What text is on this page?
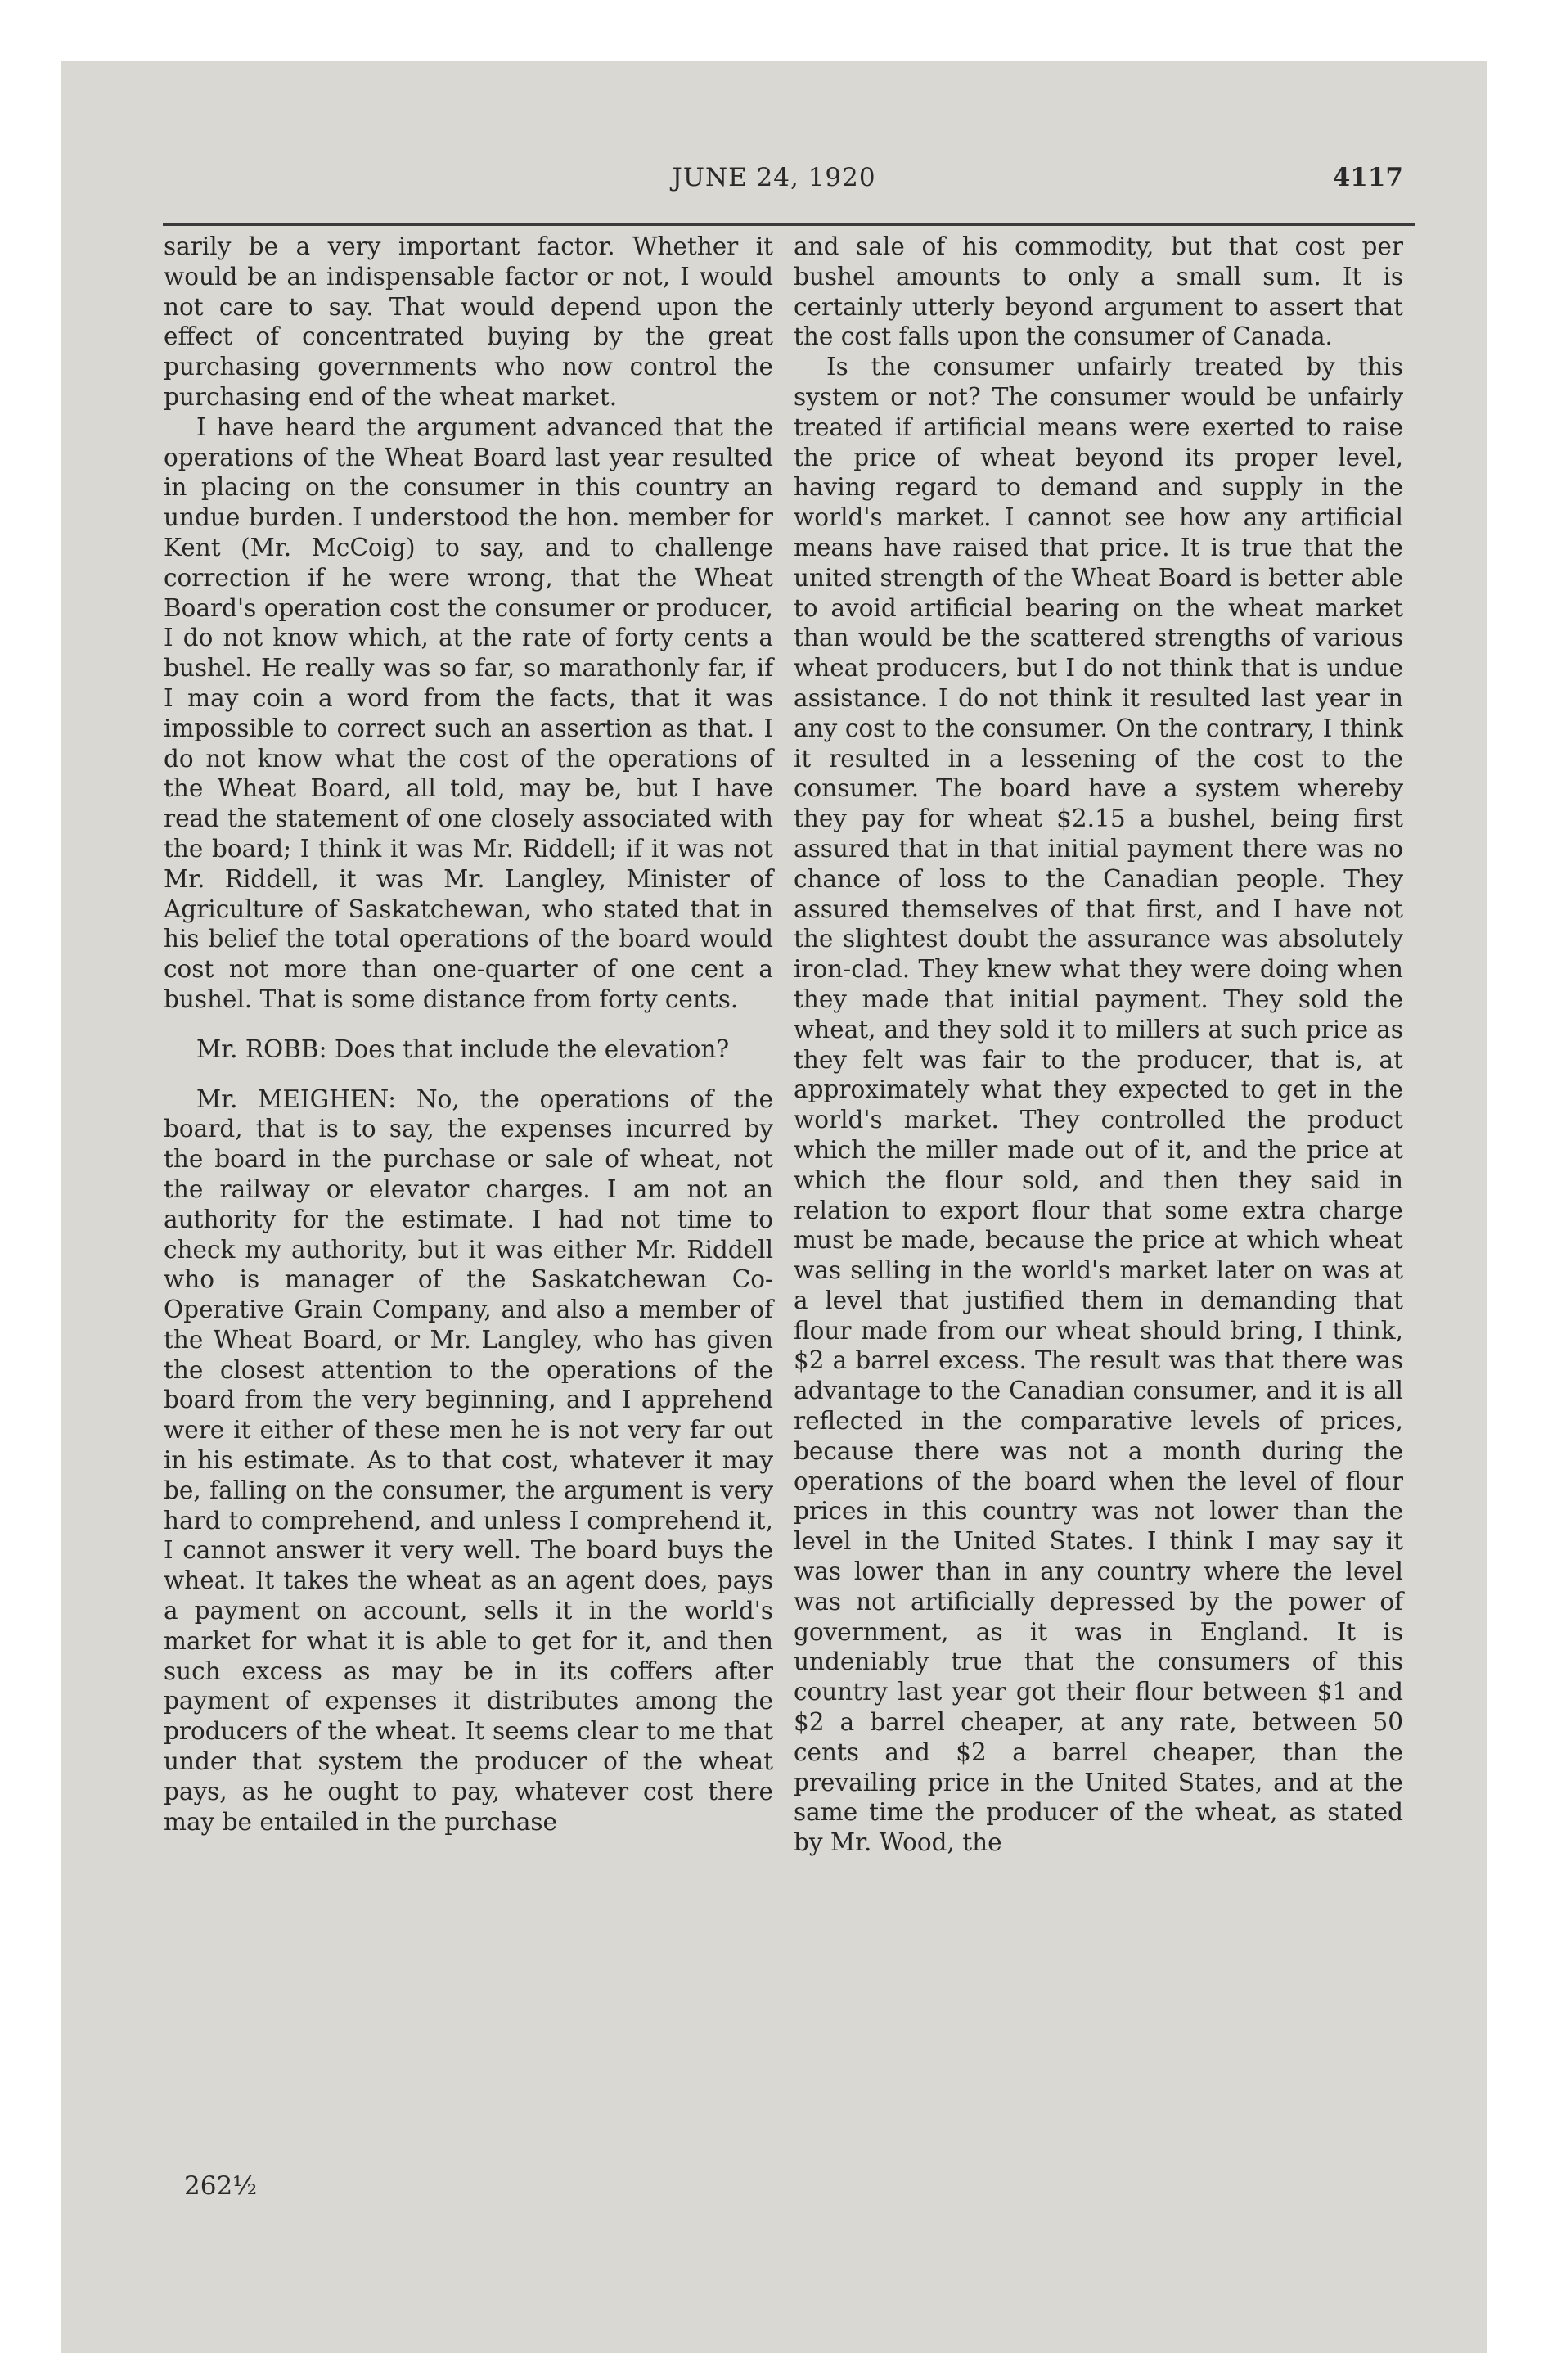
JUNE 24, 1920	4117

sarily be a very important factor. Whether it would be an indispensable factor or not, I would not care to say. That would depend upon the effect of concentrated buying by the great purchasing governments who now control the purchasing end of the wheat market.

I have heard the argument advanced that the operations of the Wheat Board last year resulted in placing on the consumer in this country an undue burden. I understood the hon. member for Kent (Mr. McCoig) to say, and to challenge correction if he were wrong, that the Wheat Board's operation cost the consumer or producer, I do not know which, at the rate of forty cents a bushel. He really was so far, so marathonly far, if I may coin a word from the facts, that it was impossible to correct such an assertion as that. I do not know what the cost of the operations of the Wheat Board, all told, may be, but I have read the statement of one closely associated with the board; I think it was Mr. Riddell; if it was not Mr. Riddell, it was Mr. Langley, Minister of Agriculture of Saskatchewan, who stated that in his belief the total operations of the board would cost not more than one-quarter of one cent a bushel. That is some distance from forty cents.

Mr. ROBB: Does that include the elevation?

Mr. MEIGHEN: No, the operations of the board, that is to say, the expenses incurred by the board in the purchase or sale of wheat, not the railway or elevator charges. I am not an authority for the estimate. I had not time to check my authority, but it was either Mr. Riddell who is manager of the Saskatchewan Co-Operative Grain Company, and also a member of the Wheat Board, or Mr. Langley, who has given the closest attention to the operations of the board from the very beginning, and I apprehend were it either of these men he is not very far out in his estimate. As to that cost, whatever it may be, falling on the consumer, the argument is very hard to comprehend, and unless I comprehend it, I cannot answer it very well. The board buys the wheat. It takes the wheat as an agent does, pays a payment on account, sells it in the world's market for what it is able to get for it, and then such excess as may be in its coffers after payment of expenses it distributes among the producers of the wheat. It seems clear to me that under that system the producer of the wheat pays, as he ought to pay, whatever cost there may be entailed in the purchase

and sale of his commodity, but that cost per bushel amounts to only a small sum. It is certainly utterly beyond argument to assert that the cost falls upon the consumer of Canada.

Is the consumer unfairly treated by this system or not? The consumer would be unfairly treated if artificial means were exerted to raise the price of wheat beyond its proper level, having regard to demand and supply in the world's market. I cannot see how any artificial means have raised that price. It is true that the united strength of the Wheat Board is better able to avoid artificial bearing on the wheat market than would be the scattered strengths of various wheat producers, but I do not think that is undue assistance. I do not think it resulted last year in any cost to the consumer. On the contrary, I think it resulted in a lessening of the cost to the consumer. The board have a system whereby they pay for wheat $2.15 a bushel, being first assured that in that initial payment there was no chance of loss to the Canadian people. They assured themselves of that first, and I have not the slightest doubt the assurance was absolutely iron-clad. They knew what they were doing when they made that initial payment. They sold the wheat, and they sold it to millers at such price as they felt was fair to the producer, that is, at approximately what they expected to get in the world's market. They controlled the product which the miller made out of it, and the price at which the flour sold, and then they said in relation to export flour that some extra charge must be made, because the price at which wheat was selling in the world's market later on was at a level that justified them in demanding that flour made from our wheat should bring, I think, $2 a barrel excess. The result was that there was advantage to the Canadian consumer, and it is all reflected in the comparative levels of prices, because there was not a month during the operations of the board when the level of flour prices in this country was not lower than the level in the United States. I think I may say it was lower than in any country where the level was not artificially depressed by the power of government, as it was in England. It is undeniably true that the consumers of this country last year got their flour between $1 and $2 a barrel cheaper, at any rate, between 50 cents and $2 a barrel cheaper, than the prevailing price in the United States, and at the same time the producer of the wheat, as stated by Mr. Wood, the

262½
